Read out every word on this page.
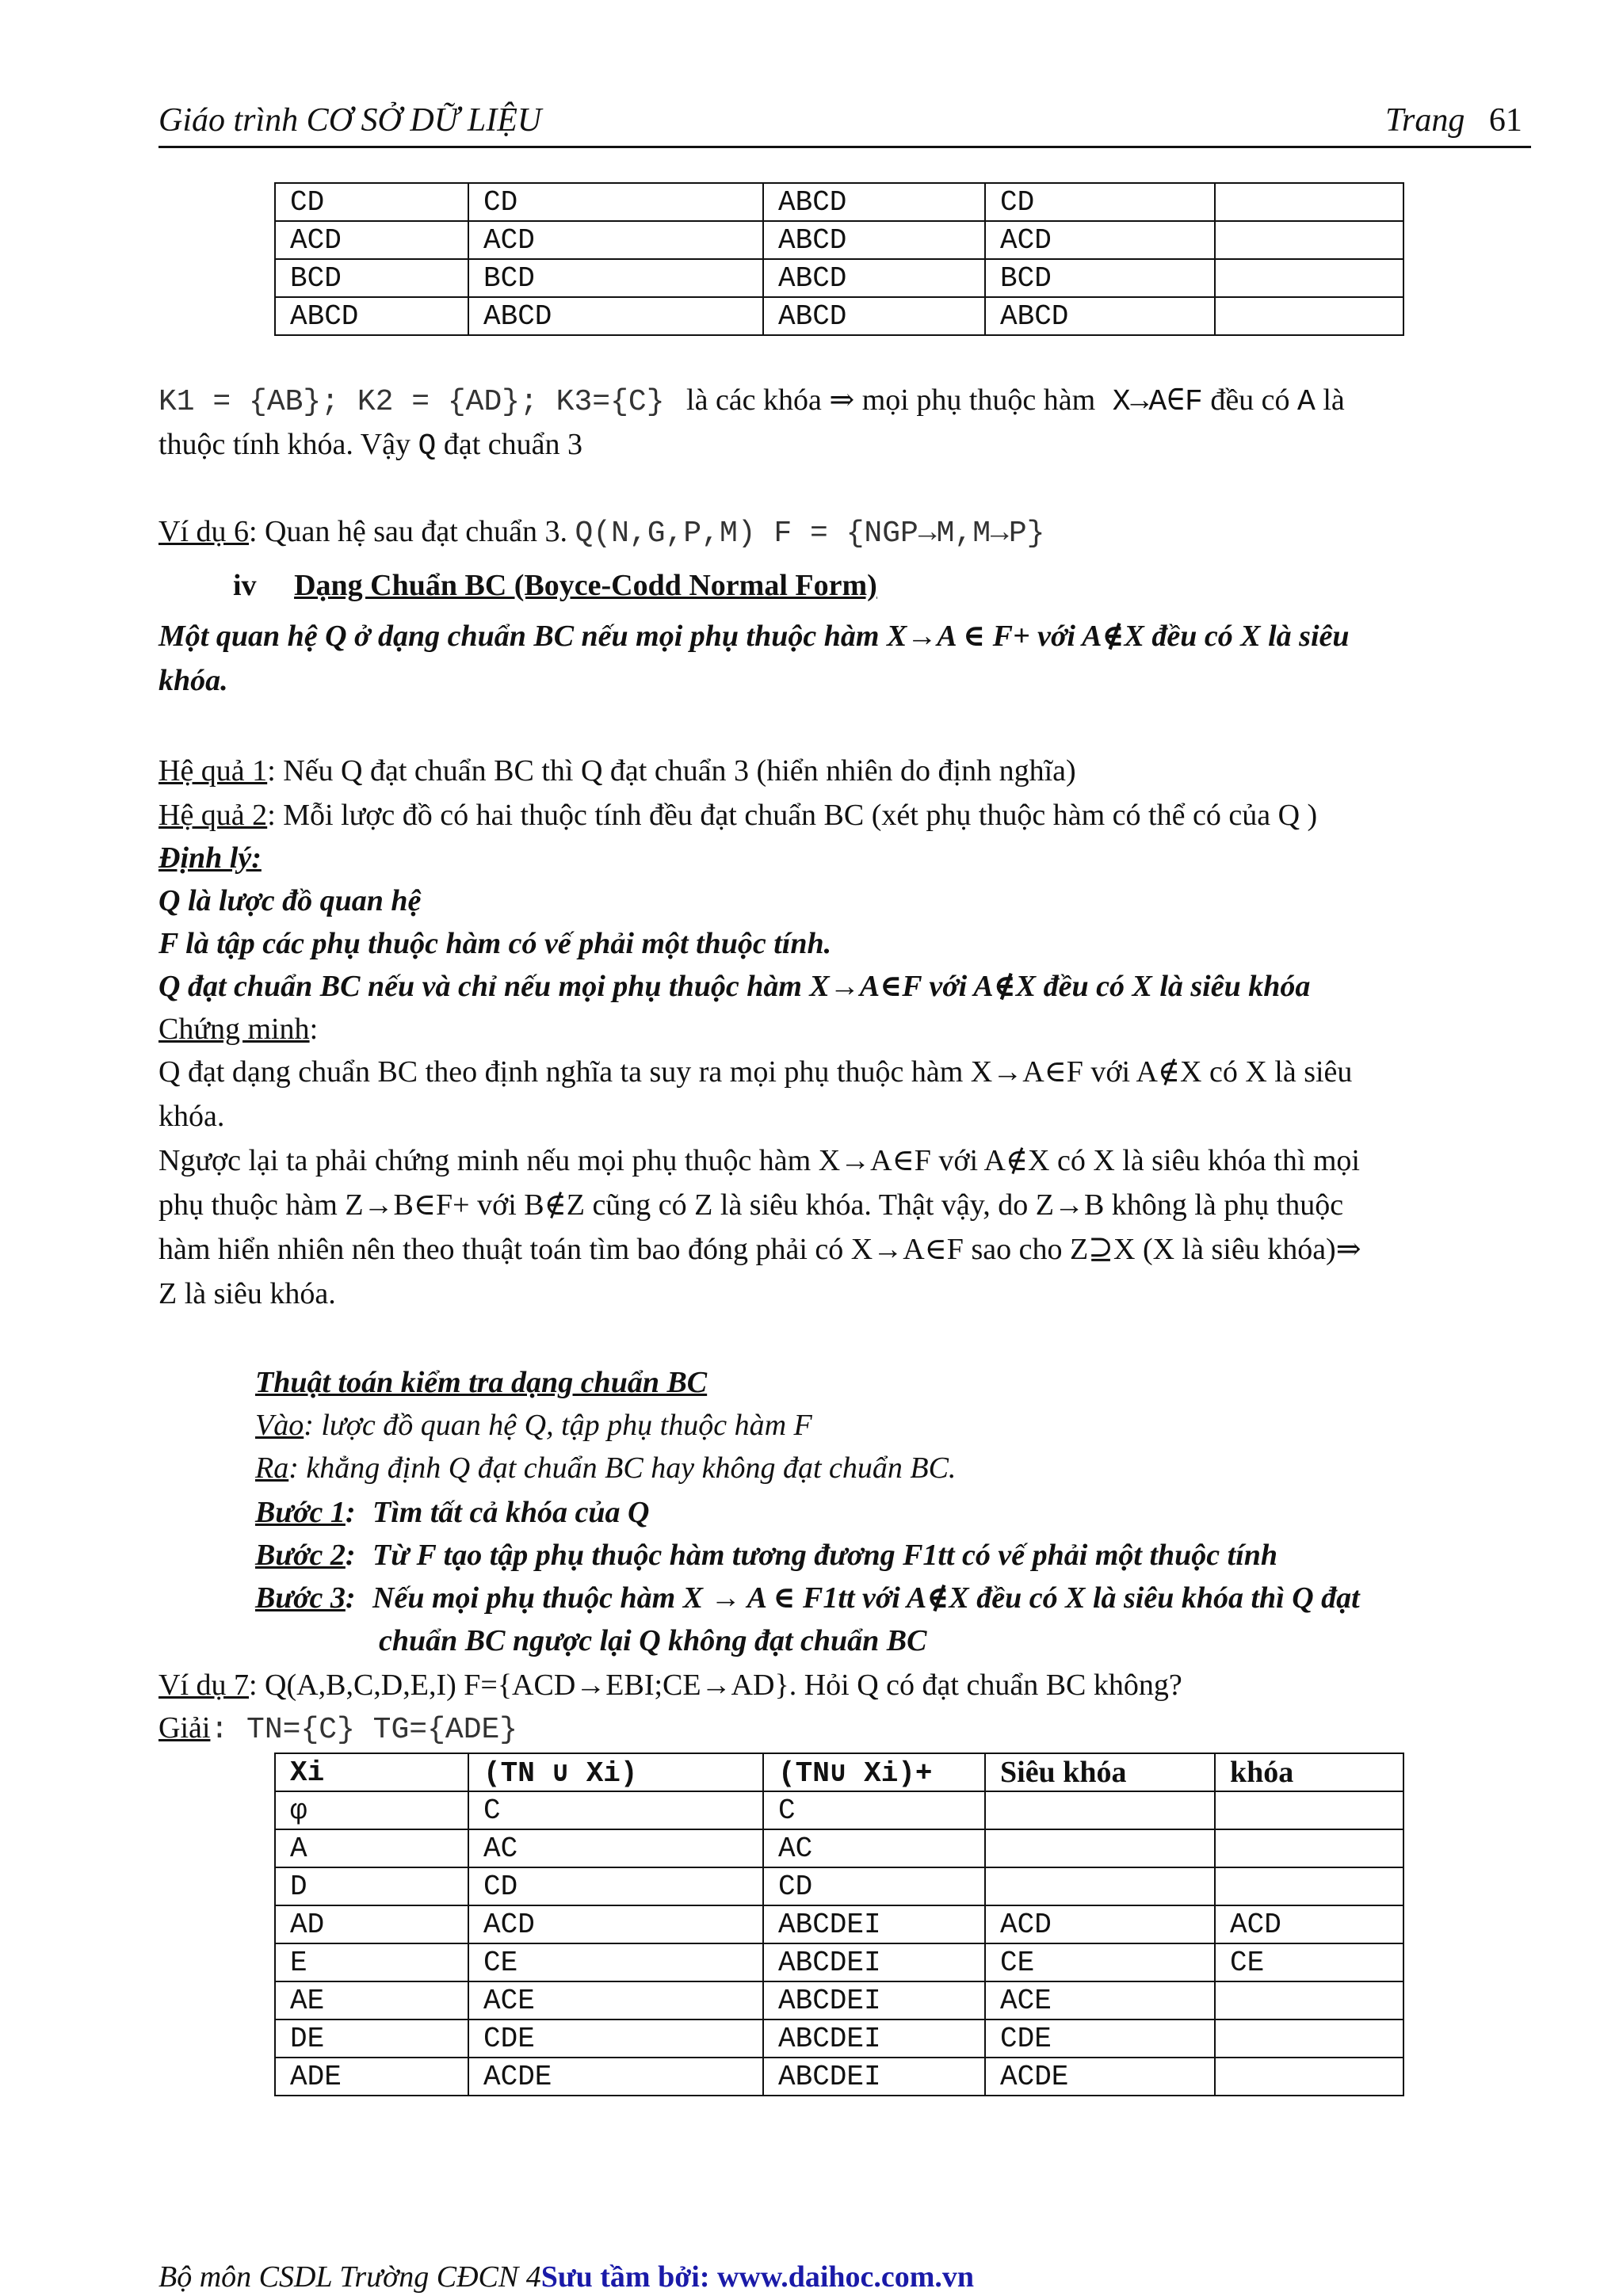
Giáo trình CƠ SỞ DỮ LIỆU	Trang 61
CD	CD	ABCD	CD	
ACD	ACD	ABCD	ACD	
BCD	BCD	ABCD	BCD	
ABCD	ABCD	ABCD	ABCD	
K1 = {AB}; K2 = {AD}; K3={C} là các khóa ⇒ mọi phụ thuộc hàm X→A∈F đều có A là
thuộc tính khóa. Vậy Q đạt chuẩn 3
Ví dụ 6: Quan hệ sau đạt chuẩn 3. Q(N,G,P,M) F = {NGP→M,M→P}
iv Dạng Chuẩn BC (Boyce-Codd Normal Form)
Một quan hệ Q ở dạng chuẩn BC nếu mọi phụ thuộc hàm X→A ∈ F+ với A∉X đều có X là siêu
khóa.
Hệ quả 1: Nếu Q đạt chuẩn BC thì Q đạt chuẩn 3 (hiển nhiên do định nghĩa)
Hệ quả 2: Mỗi lược đồ có hai thuộc tính đều đạt chuẩn BC (xét phụ thuộc hàm có thể có của Q )
Định lý:
Q là lược đồ quan hệ
F là tập các phụ thuộc hàm có vế phải một thuộc tính.
Q đạt chuẩn BC nếu và chỉ nếu mọi phụ thuộc hàm X→A∈F với A∉X đều có X là siêu khóa
Chứng minh:
Q đạt dạng chuẩn BC theo định nghĩa ta suy ra mọi phụ thuộc hàm X→A∈F với A∉X có X là siêu
khóa.
Ngược lại ta phải chứng minh nếu mọi phụ thuộc hàm X→A∈F với A∉X có X là siêu khóa thì mọi
phụ thuộc hàm Z→B∈F+ với B∉Z cũng có Z là siêu khóa. Thật vậy, do Z→B không là phụ thuộc
hàm hiển nhiên nên theo thuật toán tìm bao đóng phải có X→A∈F sao cho Z⊇X (X là siêu khóa)⇒
Z là siêu khóa.
Thuật toán kiểm tra dạng chuẩn BC
Vào: lược đồ quan hệ Q, tập phụ thuộc hàm F
Ra: khẳng định Q đạt chuẩn BC hay không đạt chuẩn BC.
Bước 1: Tìm tất cả khóa của Q
Bước 2: Từ F tạo tập phụ thuộc hàm tương đương F1tt có vế phải một thuộc tính
Bước 3: Nếu mọi phụ thuộc hàm X → A ∈ F1tt với A∉X đều có X là siêu khóa thì Q đạt
chuẩn BC ngược lại Q không đạt chuẩn BC
Ví dụ 7: Q(A,B,C,D,E,I) F={ACD→EBI;CE→AD}. Hỏi Q có đạt chuẩn BC không?
Giải: TN={C} TG={ADE}
Xi	(TN ∪ Xi)	(TN∪ Xi)+	Siêu khóa	khóa
φ	C	C		
A	AC	AC		
D	CD	CD		
AD	ACD	ABCDEI	ACD	ACD
E	CE	ABCDEI	CE	CE
AE	ACE	ABCDEI	ACE	
DE	CDE	ABCDEI	CDE	
ADE	ACDE	ABCDEI	ACDE	
Bộ môn CSDL Trường CĐCN 4Sưu tầm bởi: www.daihoc.com.vn
